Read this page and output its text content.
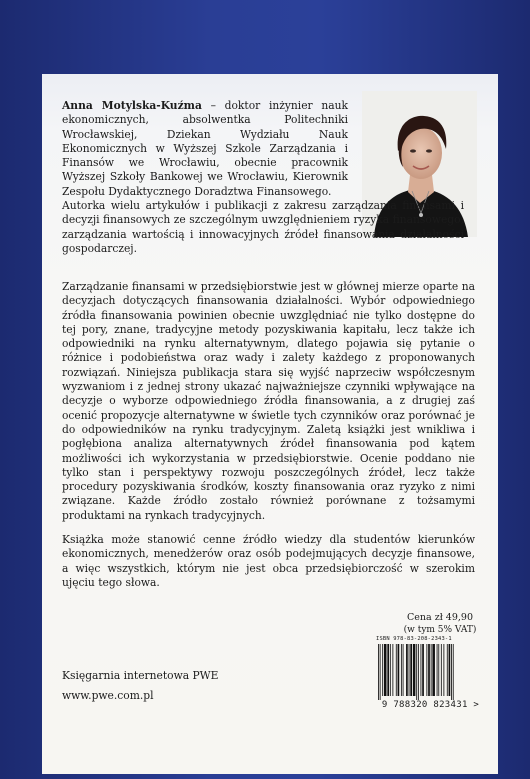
Anna Motylska-Kuźma – doktor inżynier nauk ekonomicznych, absolwentka Politechniki Wrocławskiej, Dziekan Wydziału Nauk Ekonomicznych w Wyższej Szkole Zarządzania i Finansów we Wrocławiu, obecnie pracownik Wyższej Szkoły Bankowej we Wrocławiu, Kierownik Zespołu Dydaktycznego Doradztwa Finansowego.
Autorka wielu artykułów i publikacji z zakresu zarządzania finansami i decyzji finansowych ze szczególnym uwzględnieniem ryzyka finansowego, zarządzania wartością i innowacyjnych źródeł finansowania działalności gospodarczej.
Zarządzanie finansami w przedsiębiorstwie jest w głównej mierze oparte na decyzjach dotyczących finansowania działalności. Wybór odpowiedniego źródła finansowania powinien obecnie uwzględniać nie tylko dostępne do tej pory, znane, tradycyjne metody pozyskiwania kapitału, lecz także ich odpowiedniki na rynku alternatywnym, dlatego pojawia się pytanie o różnice i podobieństwa oraz wady i zalety każdego z proponowanych rozwiązań. Niniejsza publikacja stara się wyjść naprzeciw współczesnym wyzwaniom i z jednej strony ukazać najważniejsze czynniki wpływające na decyzje o wyborze odpowiedniego źródła finansowania, a z drugiej zaś ocenić propozycje alternatywne w świetle tych czynników oraz porównać je do odpowiedników na rynku tradycyjnym. Zaletą książki jest wnikliwa i pogłębiona analiza alternatywnych źródeł finansowania pod kątem możliwości ich wykorzystania w przedsiębiorstwie. Ocenie poddano nie tylko stan i perspektywy rozwoju poszczególnych źródeł, lecz także procedury pozyskiwania środków, koszty finansowania oraz ryzyko z nimi związane. Każde źródło zostało również porównane z tożsamymi produktami na rynkach tradycyjnych.
Książka może stanowić cenne źródło wiedzy dla studentów kierunków ekonomicznych, menedżerów oraz osób podejmujących decyzje finansowe, a więc wszystkich, którym nie jest obca przedsiębiorczość w szerokim ujęciu tego słowa.
Cena zł 49,90
(w tym 5% VAT)
ISBN 978-83-208-2343-1
9 788320 823431 >
Księgarnia internetowa PWE
www.pwe.com.pl
